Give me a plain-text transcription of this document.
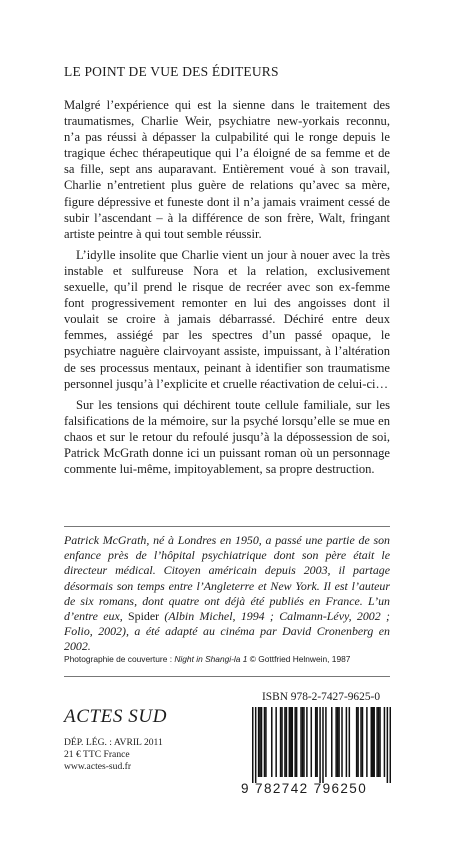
LE POINT DE VUE DES ÉDITEURS

Malgré l’expérience qui est la sienne dans le traitement des traumatismes, Charlie Weir, psychiatre new-yorkais reconnu, n’a pas réussi à dépasser la culpabilité qui le ronge depuis le tragique échec thérapeutique qui l’a éloigné de sa femme et de sa fille, sept ans auparavant. Entièrement voué à son travail, Charlie n’entretient plus guère de relations qu’avec sa mère, figure dépressive et funeste dont il n’a jamais vraiment cessé de subir l’ascendant – à la différence de son frère, Walt, fringant artiste peintre à qui tout semble réussir.

L’idylle insolite que Charlie vient un jour à nouer avec la très instable et sulfureuse Nora et la relation, exclusivement sexuelle, qu’il prend le risque de recréer avec son ex-femme font progressivement remonter en lui des angoisses dont il voulait se croire à jamais débarrassé. Déchiré entre deux femmes, assiégé par les spectres d’un passé opaque, le psychiatre naguère clairvoyant assiste, impuissant, à l’altération de ses processus mentaux, peinant à identifier son traumatisme personnel jusqu’à l’explicite et cruelle réactivation de celui-ci…

Sur les tensions qui déchirent toute cellule familiale, sur les falsifications de la mémoire, sur la psyché lorsqu’elle se mue en chaos et sur le retour du refoulé jusqu’à la dépossession de soi, Patrick McGrath donne ici un puissant roman où un personnage commente lui-même, impitoyablement, sa propre destruction.

Patrick McGrath, né à Londres en 1950, a passé une partie de son enfance près de l’hôpital psychiatrique dont son père était le directeur médical. Citoyen américain depuis 2003, il partage désormais son temps entre l’Angleterre et New York. Il est l’auteur de six romans, dont quatre ont déjà été publiés en France. L’un d’entre eux, Spider (Albin Michel, 1994 ; Calmann-Lévy, 2002 ; Folio, 2002), a été adapté au cinéma par David Cronenberg en 2002.

Photographie de couverture : Night in Shangi-la 1 © Gottfried Helnwein, 1987
ISBN 978-2-7427-9625-0
ACTES SUD
DÉP. LÉG. : AVRIL 2011
21 € TTC France
www.actes-sud.fr
9 782742 796250
